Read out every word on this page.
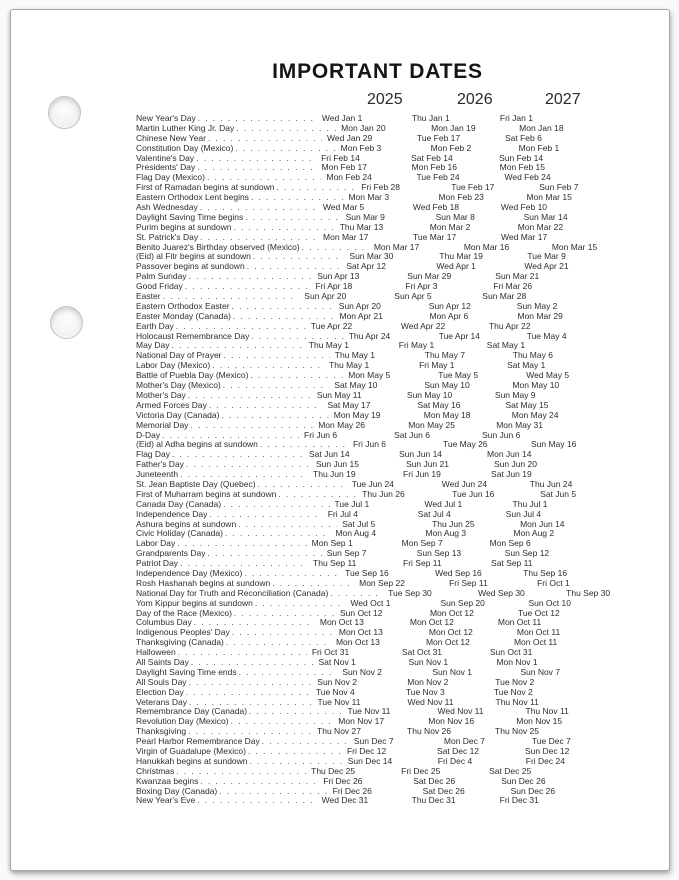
IMPORTANT DATES
2025	2026	2027
New Year's Day . . .	Wed Jan 1	Thu Jan 1	Fri Jan 1
Martin Luther King Jr. Day . . .	Mon Jan 20	Mon Jan 19	Mon Jan 18
Chinese New Year . . .	Wed Jan 29	Tue Feb 17	Sat Feb 6
Constitution Day (Mexico) . . .	Mon Feb 3	Mon Feb 2	Mon Feb 1
Valentine's Day . . .	Fri Feb 14	Sat Feb 14	Sun Feb 14
Presidents' Day . . .	Mon Feb 17	Mon Feb 16	Mon Feb 15
Flag Day (Mexico) . . .	Mon Feb 24	Tue Feb 24	Wed Feb 24
First of Ramadan begins at sundown . . .	Fri Feb 28	Tue Feb 17	Sun Feb 7
Eastern Orthodox Lent begins . . .	Mon Mar 3	Mon Feb 23	Mon Mar 15
Ash Wednesday . . .	Wed Mar 5	Wed Feb 18	Wed Feb 10
Daylight Saving Time begins . . .	Sun Mar 9	Sun Mar 8	Sun Mar 14
Purim begins at sundown . . .	Thu Mar 13	Mon Mar 2	Mon Mar 22
St. Patrick's Day . . .	Mon Mar 17	Tue Mar 17	Wed Mar 17
Benito Juarez's Birthday observed (Mexico) . . .	Mon Mar 17	Mon Mar 16	Mon Mar 15
(Eid) al Fitr begins at sundown . . .	Sun Mar 30	Thu Mar 19	Tue Mar 9
Passover begins at sundown . . .	Sat Apr 12	Wed Apr 1	Wed Apr 21
Palm Sunday . . .	Sun Apr 13	Sun Mar 29	Sun Mar 21
Good Friday . . .	Fri Apr 18	Fri Apr 3	Fri Mar 26
Easter . . .	Sun Apr 20	Sun Apr 5	Sun Mar 28
Eastern Orthodox Easter . . .	Sun Apr 20	Sun Apr 12	Sun May 2
Easter Monday (Canada) . . .	Mon Apr 21	Mon Apr 6	Mon Mar 29
Earth Day . . .	Tue Apr 22	Wed Apr 22	Thu Apr 22
Holocaust Remembrance Day . . .	Thu Apr 24	Tue Apr 14	Tue May 4
May Day . . .	Thu May 1	Fri May 1	Sat May 1
National Day of Prayer . . .	Thu May 1	Thu May 7	Thu May 6
Labor Day (Mexico) . . .	Thu May 1	Fri May 1	Sat May 1
Battle of Puebla Day (Mexico) . . .	Mon May 5	Tue May 5	Wed May 5
Mother's Day (Mexico) . . .	Sat May 10	Sun May 10	Mon May 10
Mother's Day . . .	Sun May 11	Sun May 10	Sun May 9
Armed Forces Day . . .	Sat May 17	Sat May 16	Sat May 15
Victoria Day (Canada) . . .	Mon May 19	Mon May 18	Mon May 24
Memorial Day . . .	Mon May 26	Mon May 25	Mon May 31
D-Day . . .	Fri Jun 6	Sat Jun 6	Sun Jun 6
(Eid) al Adha begins at sundown . . .	Fri Jun 6	Tue May 26	Sun May 16
Flag Day . . .	Sat Jun 14	Sun Jun 14	Mon Jun 14
Father's Day . . .	Sun Jun 15	Sun Jun 21	Sun Jun 20
Juneteenth . . .	Thu Jun 19	Fri Jun 19	Sat Jun 19
St. Jean Baptiste Day (Quebec) . . .	Tue Jun 24	Wed Jun 24	Thu Jun 24
First of Muharram begins at sundown . . .	Thu Jun 26	Tue Jun 16	Sat Jun 5
Canada Day (Canada) . . .	Tue Jul 1	Wed Jul 1	Thu Jul 1
Independence Day . . .	Fri Jul 4	Sat Jul 4	Sun Jul 4
Ashura begins at sundown . . .	Sat Jul 5	Thu Jun 25	Mon Jun 14
Civic Holiday (Canada) . . .	Mon Aug 4	Mon Aug 3	Mon Aug 2
Labor Day . . .	Mon Sep 1	Mon Sep 7	Mon Sep 6
Grandparents Day . . .	Sun Sep 7	Sun Sep 13	Sun Sep 12
Patriot Day . . .	Thu Sep 11	Fri Sep 11	Sat Sep 11
Independence Day (Mexico) . . .	Tue Sep 16	Wed Sep 16	Thu Sep 16
Rosh Hashanah begins at sundown . . .	Mon Sep 22	Fri Sep 11	Fri Oct 1
National Day for Truth and Reconciliation (Canada) . . .	Tue Sep 30	Wed Sep 30	Thu Sep 30
Yom Kippur begins at sundown . . .	Wed Oct 1	Sun Sep 20	Sun Oct 10
Day of the Race (Mexico) . . .	Sun Oct 12	Mon Oct 12	Tue Oct 12
Columbus Day . . .	Mon Oct 13	Mon Oct 12	Mon Oct 11
Indigenous Peoples' Day . . .	Mon Oct 13	Mon Oct 12	Mon Oct 11
Thanksgiving (Canada) . . .	Mon Oct 13	Mon Oct 12	Mon Oct 11
Halloween . . .	Fri Oct 31	Sat Oct 31	Sun Oct 31
All Saints Day . . .	Sat Nov 1	Sun Nov 1	Mon Nov 1
Daylight Saving Time ends . . .	Sun Nov 2	Sun Nov 1	Sun Nov 7
All Souls Day . . .	Sun Nov 2	Mon Nov 2	Tue Nov 2
Election Day . . .	Tue Nov 4	Tue Nov 3	Tue Nov 2
Veterans Day . . .	Tue Nov 11	Wed Nov 11	Thu Nov 11
Remembrance Day (Canada) . . .	Tue Nov 11	Wed Nov 11	Thu Nov 11
Revolution Day (Mexico) . . .	Mon Nov 17	Mon Nov 16	Mon Nov 15
Thanksgiving . . .	Thu Nov 27	Thu Nov 26	Thu Nov 25
Pearl Harbor Remembrance Day . . .	Sun Dec 7	Mon Dec 7	Tue Dec 7
Virgin of Guadalupe (Mexico) . . .	Fri Dec 12	Sat Dec 12	Sun Dec 12
Hanukkah begins at sundown . . .	Sun Dec 14	Fri Dec 4	Fri Dec 24
Christmas . . .	Thu Dec 25	Fri Dec 25	Sat Dec 25
Kwanzaa begins . . .	Fri Dec 26	Sat Dec 26	Sun Dec 26
Boxing Day (Canada) . . .	Fri Dec 26	Sat Dec 26	Sun Dec 26
New Year's Eve . . .	Wed Dec 31	Thu Dec 31	Fri Dec 31
